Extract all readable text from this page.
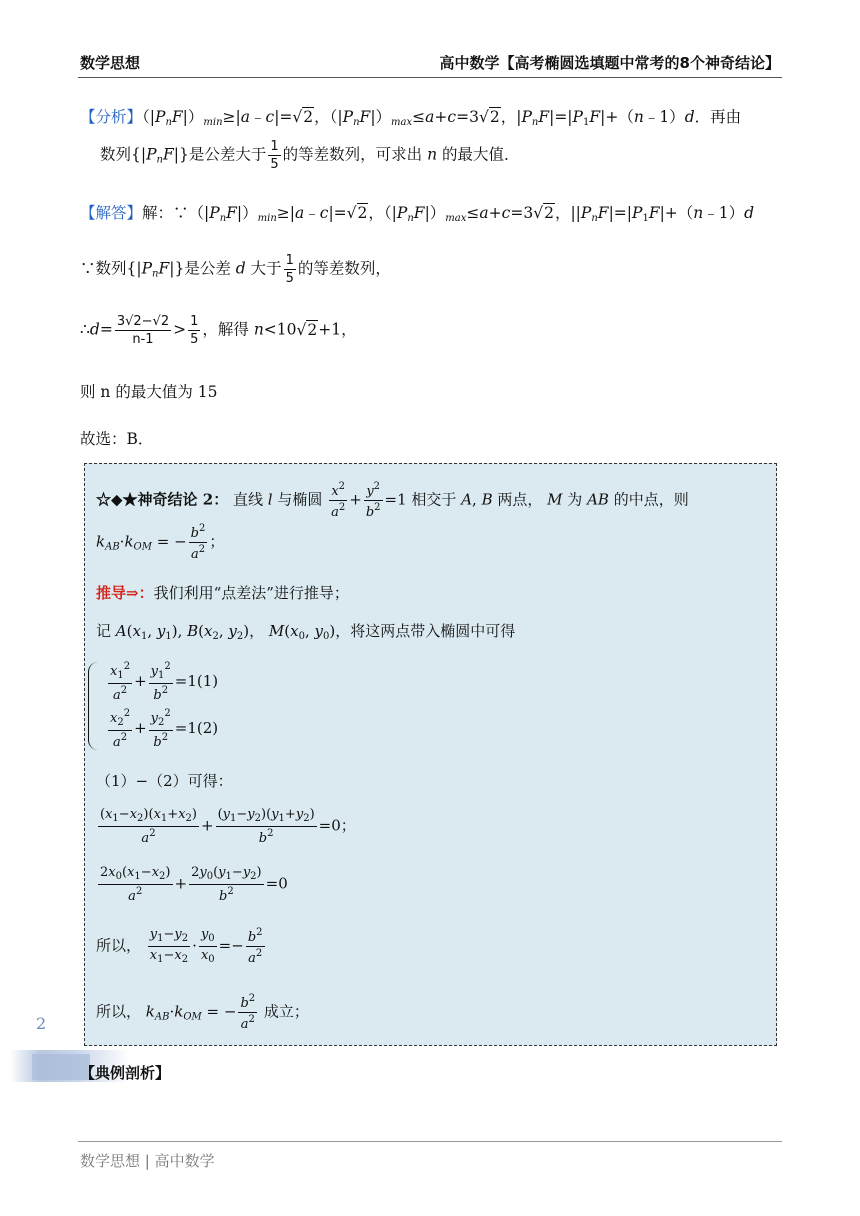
数学思想	高中数学【高考椭圆选填题中常考的8个神奇结论】
【分析】$(|P_nF|)_{min}\ge|a﹣c|=√2$，$(|P_nF|)_{max}\le a+c=3√2$，$|P_nF|=|P_1F|+(n﹣1)d$．再由
数列$\{|P_nF|\}$是公差大于 $\frac{1}{5}$ 的等差数列，可求出 n 的最大值．
【解答】解：$\because(|P_nF|)_{min}\ge|a﹣c|=√2$，$(|P_nF|)_{max}\le a+c=3√2$，$||P_nF|=|P_1F|+(n﹣1)d$
∵数列$\{|P_nF|\}$是公差 d 大于 $\frac{1}{5}$ 的等差数列，
∴d= $\frac{3√2-√2}{n-1} > \frac{1}{5}$ ，解得 n<10√2+1，
则 n 的最大值为 15
故选：B．
☆◆★神奇结论 2： 直线 l 与椭圆 $\frac{x^2}{a^2} + \frac{y^2}{b^2} =1$ 相交于 A, B 两点， M 为 AB 的中点，则
$k_{AB}\cdot k_{OM}$ = − $\frac{b^2}{a^2}$ ；
推导⇒：我们利用“点差法”进行推导；
记 $A(x_1$, $y_1$), $B(x_2$, $y_2$)， $M(x_0$, $y_0$)，将这两点带入椭圆中可得
$\frac{x_1^2}{a^2} + \frac{y_1^2}{b^2} =1(1)$
$\frac{x_2^2}{a^2} + \frac{y_2^2}{b^2} =1(2)$
（1）−（2）可得：
$\frac{(x_1-x_2)(x_1+x_2)}{a^2} + \frac{(y_1-y_2)(y_1+y_2)}{b^2} =0$；
$\frac{2x_0(x_1-x_2)}{a^2} + \frac{2y_0(y_1-y_2)}{b^2} =0$
所以， $\frac{y_1-y_2}{x_1-x_2} \cdot \frac{y_0}{x_0} =- \frac{b^2}{a^2}$
所以， $k_{AB}\cdot k_{OM}$ = − $\frac{b^2}{a^2}$ 成立；
2
【典例剖析】
数学思想 | 高中数学
